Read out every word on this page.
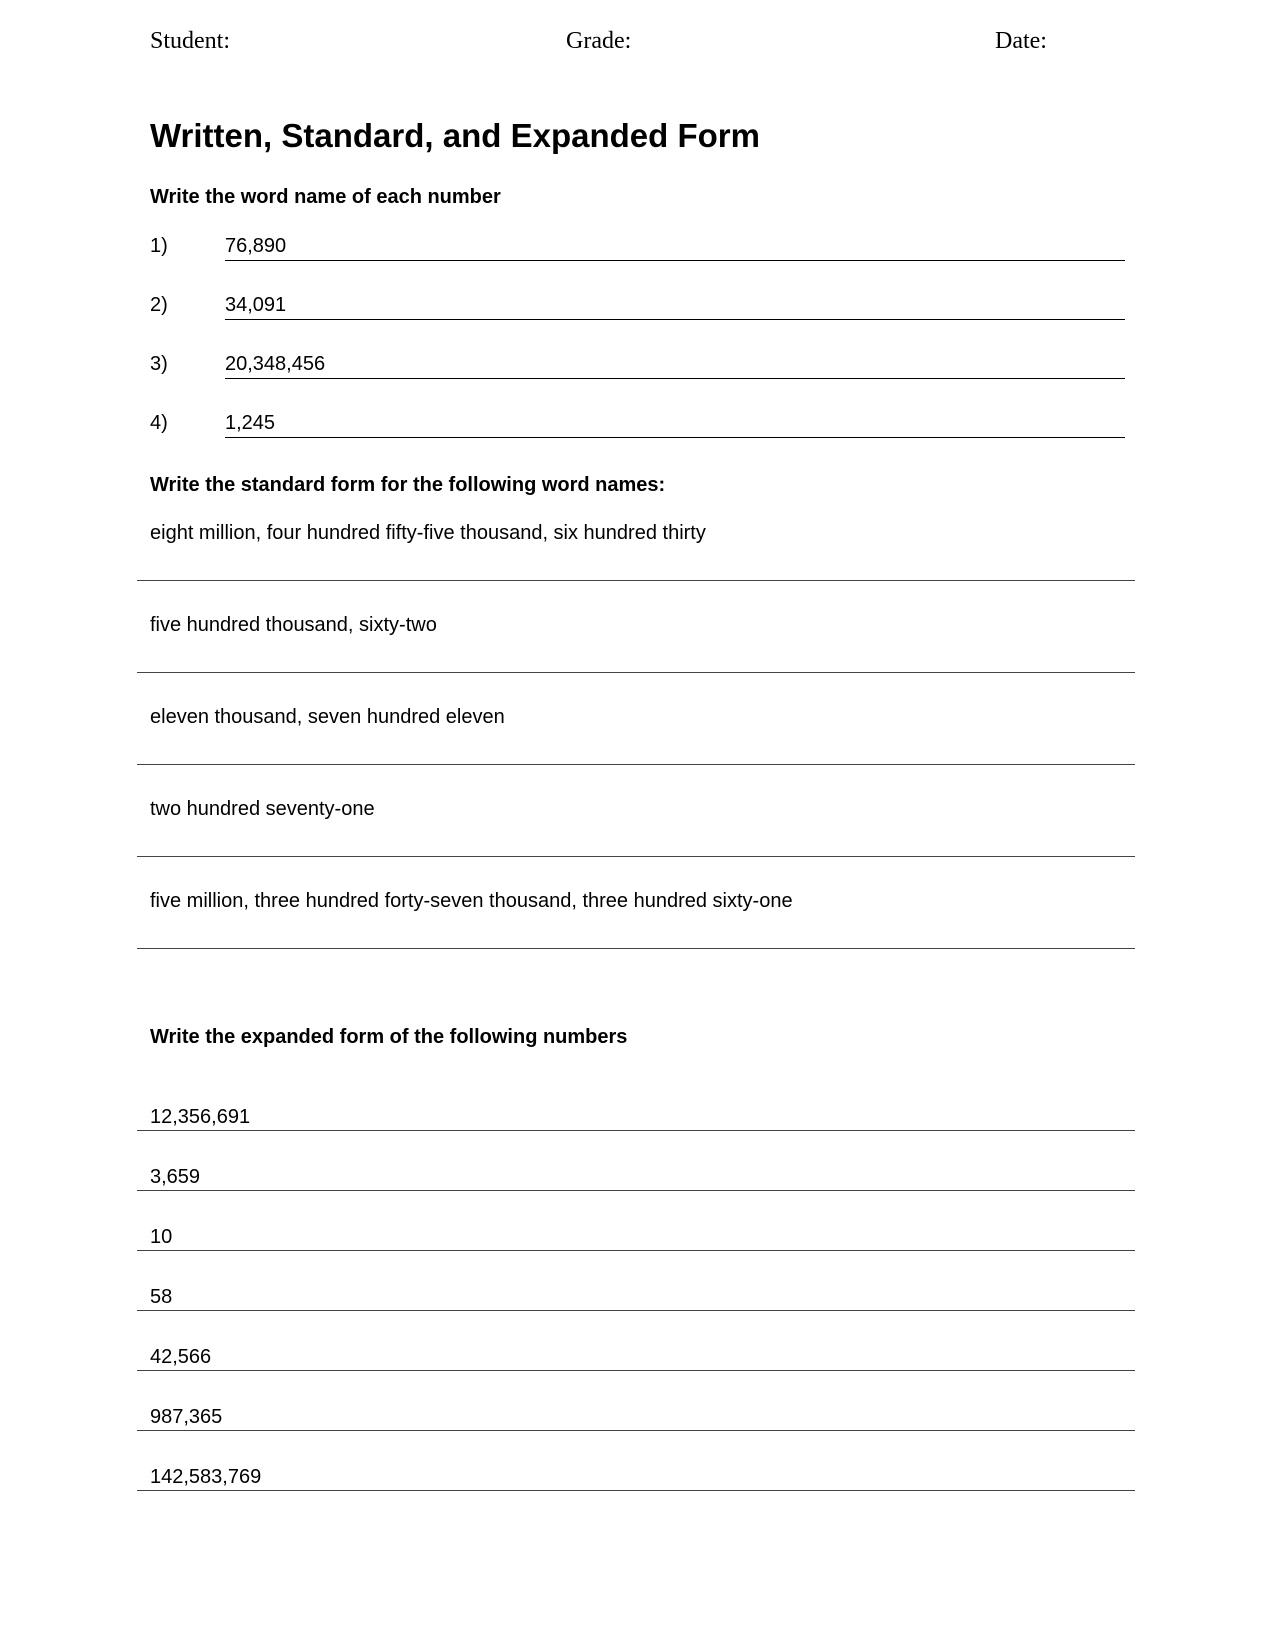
Student:	Grade:	Date:
Written, Standard, and Expanded Form
Write the word name of each number
1)	76,890
2)	34,091
3)	20,348,456
4)	1,245
Write the standard form for the following word names:
eight million, four hundred fifty-five thousand, six hundred thirty
five hundred thousand, sixty-two
eleven thousand, seven hundred eleven
two hundred seventy-one
five million, three hundred forty-seven thousand, three hundred sixty-one
Write the expanded form of the following numbers
12,356,691
3,659
10
58
42,566
987,365
142,583,769
